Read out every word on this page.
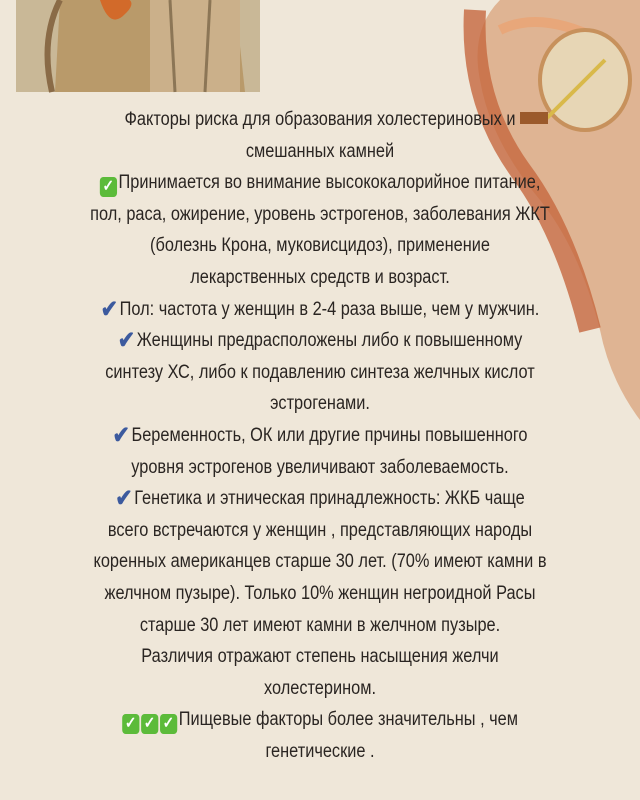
Факторы риска для образования холестериновых и
смешанных камней
✓ Принимается во внимание высококалорийное питание,
пол, раса, ожирение, уровень эстрогенов, заболевания ЖКТ
(болезнь Крона, муковисцидоз), применение
лекарственных средств и возраст.
✔Пол: частота у женщин в 2-4 раза выше, чем у мужчин.
✔Женщины предрасположены либо к повышенному
синтезу ХС, либо к подавлению синтеза желчных кислот
эстрогенами.
✔Беременность, ОК или другие прчины повышенного
уровня эстрогенов увеличивают заболеваемость.
✔Генетика и этническая принадлежность: ЖКБ чаще
всего встречаются у женщин , представляющих народы
коренных американцев старше 30 лет. (70% имеют камни в
желчном пузыре). Только 10% женщин негроидной Расы
старше 30 лет имеют камни в желчном пузыре.
Различия отражают степень насыщения желчи
холестерином.
✓ ✓ ✓ Пищевые факторы более значительны , чем
генетические .
